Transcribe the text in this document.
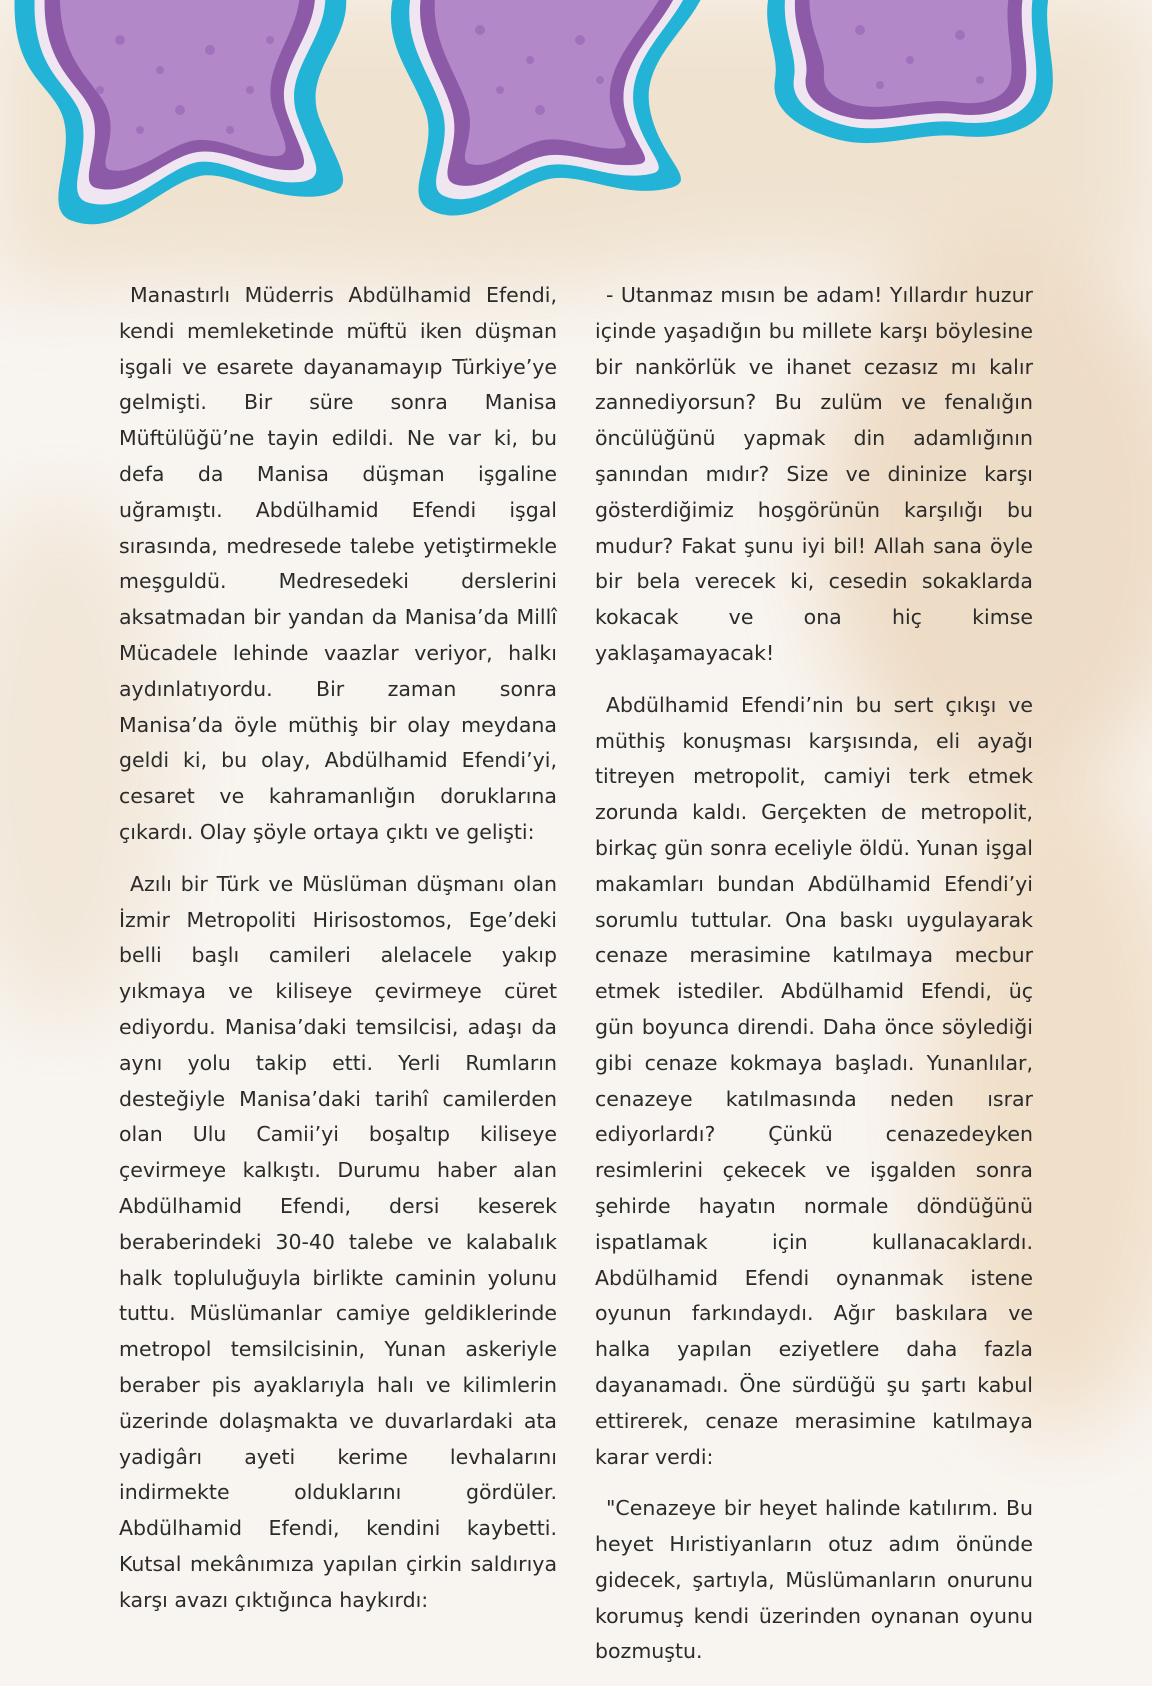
Manastırlı Müderris Abdülhamid Efendi, kendi memleketinde müftü iken düşman işgali ve esarete dayanamayıp Türkiye’ye gelmişti. Bir süre sonra Manisa Müftülüğü’ne tayin edildi. Ne var ki, bu defa da Manisa düşman işgaline uğramıştı. Abdülhamid Efendi işgal sırasında, medresede talebe yetiştirmekle meşguldü. Medresedeki derslerini aksatmadan bir yandan da Manisa’da Millî Mücadele lehinde vaazlar veriyor, halkı aydınlatıyordu. Bir zaman sonra Manisa’da öyle müthiş bir olay meydana geldi ki, bu olay, Abdülhamid Efendi’yi, cesaret ve kahramanlığın doruklarına çıkardı. Olay şöyle ortaya çıktı ve gelişti:

Azılı bir Türk ve Müslüman düşmanı olan İzmir Metropoliti Hirisostomos, Ege’deki belli başlı camileri alelacele yakıp yıkmaya ve kiliseye çevirmeye cüret ediyordu. Manisa’daki temsilcisi, adaşı da aynı yolu takip etti. Yerli Rumların desteğiyle Manisa’daki tarihî camilerden olan Ulu Camii’yi boşaltıp kiliseye çevirmeye kalkıştı. Durumu haber alan Abdülhamid Efendi, dersi keserek beraberindeki 30-40 talebe ve kalabalık halk topluluğuyla birlikte caminin yolunu tuttu. Müslümanlar camiye geldiklerinde metropol temsilcisinin, Yunan askeriyle beraber pis ayaklarıyla halı ve kilimlerin üzerinde dolaşmakta ve duvarlardaki ata yadigârı ayeti kerime levhalarını indirmekte olduklarını gördüler. Abdülhamid Efendi, kendini kaybetti. Kutsal mekânımıza yapılan çirkin saldırıya karşı avazı çıktığınca haykırdı:

- Utanmaz mısın be adam! Yıllardır huzur içinde yaşadığın bu millete karşı böylesine bir nankörlük ve ihanet cezasız mı kalır zannediyorsun? Bu zulüm ve fenalığın öncülüğünü yapmak din adamlığının şanından mıdır? Size ve dininize karşı gösterdiğimiz hoşgörünün karşılığı bu mudur? Fakat şunu iyi bil! Allah sana öyle bir bela verecek ki, cesedin sokaklarda kokacak ve ona hiç kimse yaklaşamayacak!

Abdülhamid Efendi’nin bu sert çıkışı ve müthiş konuşması karşısında, eli ayağı titreyen metropolit, camiyi terk etmek zorunda kaldı. Gerçekten de metropolit, birkaç gün sonra eceliyle öldü. Yunan işgal makamları bundan Abdülhamid Efendi’yi sorumlu tuttular. Ona baskı uygulayarak cenaze merasimine katılmaya mecbur etmek istediler. Abdülhamid Efendi, üç gün boyunca direndi. Daha önce söylediği gibi cenaze kokmaya başladı. Yunanlılar, cenazeye katılmasında neden ısrar ediyorlardı? Çünkü cenazedeyken resimlerini çekecek ve işgalden sonra şehirde hayatın normale döndüğünü ispatlamak için kullanacaklardı. Abdülhamid Efendi oynanmak istene oyunun farkındaydı. Ağır baskılara ve halka yapılan eziyetlere daha fazla dayanamadı. Öne sürdüğü şu şartı kabul ettirerek, cenaze merasimine katılmaya karar verdi:

"Cenazeye bir heyet halinde katılırım. Bu heyet Hıristiyanların otuz adım önünde gidecek, şartıyla, Müslümanların onurunu korumuş kendi üzerinden oynanan oyunu bozmuştu.
